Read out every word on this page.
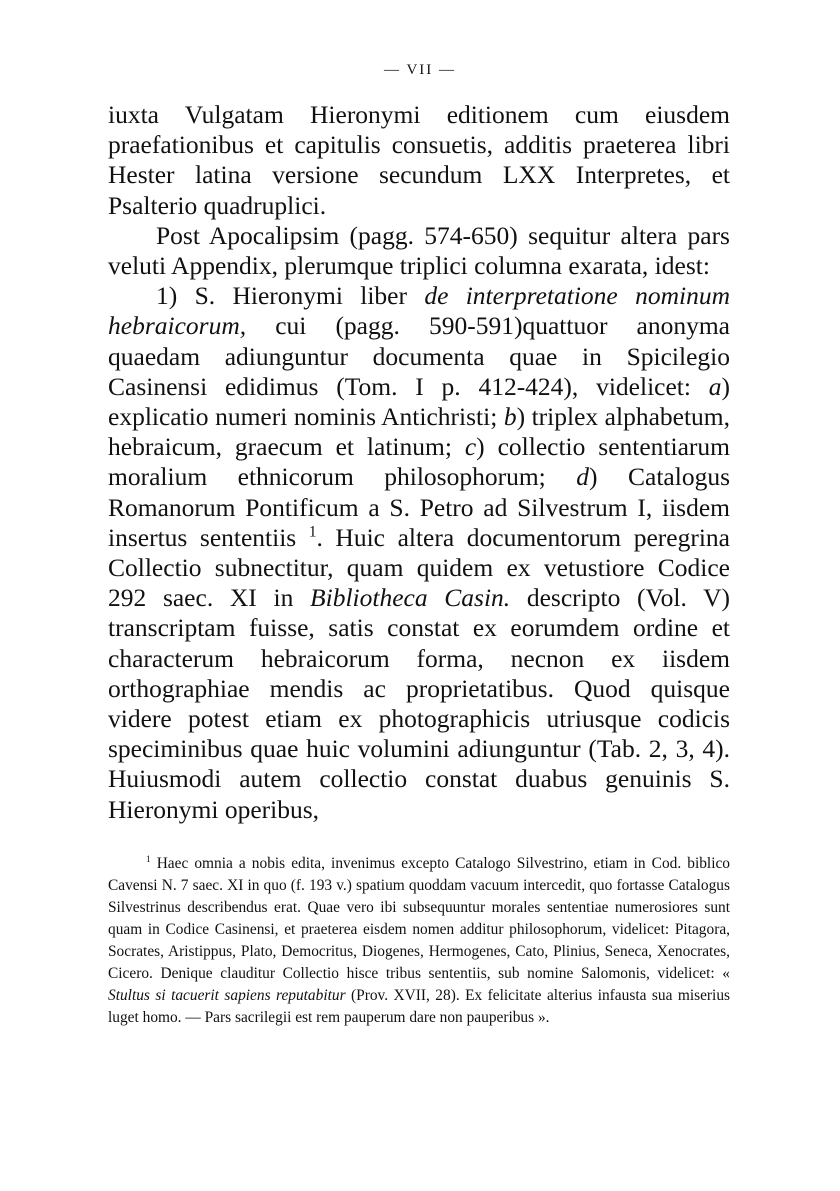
— VII —

iuxta Vulgatam Hieronymi editionem cum eiusdem praefationibus et capitulis consuetis, additis praeterea libri Hester latina versione secundum LXX Interpretes, et Psalterio quadruplici.

Post Apocalipsim (pagg. 574-650) sequitur altera pars veluti Appendix, plerumque triplici columna exarata, idest:

1) S. Hieronymi liber de interpretatione nominum hebraicorum, cui (pagg. 590-591)quattuor anonyma quaedam adiunguntur documenta quae in Spicilegio Casinensi edidimus (Tom. I p. 412-424), videlicet: a) explicatio numeri nominis Antichristi; b) triplex alphabetum, hebraicum, graecum et latinum; c) collectio sententiarum moralium ethnicorum philosophorum; d) Catalogus Romanorum Pontificum a S. Petro ad Silvestrum I, iisdem insertus sententiis $^1$. Huic altera documentorum peregrina Collectio subnectitur, quam quidem ex vetustiore Codice 292 saec. XI in Bibliotheca Casin. descripto (Vol. V) transcriptam fuisse, satis constat ex eorumdem ordine et characterum hebraicorum forma, necnon ex iisdem orthographiae mendis ac proprietatibus. Quod quisque videre potest etiam ex photographicis utriusque codicis speciminibus quae huic volumini adiunguntur (Tab. 2, 3, 4). Huiusmodi autem collectio constat duabus genuinis S. Hieronymi operibus,

$^1$ Haec omnia a nobis edita, invenimus excepto Catalogo Silvestrino, etiam in Cod. biblico Cavensi N. 7 saec. XI in quo (f. 193 v.) spatium quoddam vacuum intercedit, quo fortasse Catalogus Silvestrinus describendus erat. Quae vero ibi subsequuntur morales sententiae numerosiores sunt quam in Codice Casinensi, et praeterea eisdem nomen additur philosophorum, videlicet: Pitagora, Socrates, Aristippus, Plato, Democritus, Diogenes, Hermogenes, Cato, Plinius, Seneca, Xenocrates, Cicero. Denique clauditur Collectio hisce tribus sententiis, sub nomine Salomonis, videlicet: « Stultus si tacuerit sapiens reputabitur (Prov. XVII, 28). Ex felicitate alterius infausta sua miserius luget homo. — Pars sacrilegii est rem pauperum dare non pauperibus ».
